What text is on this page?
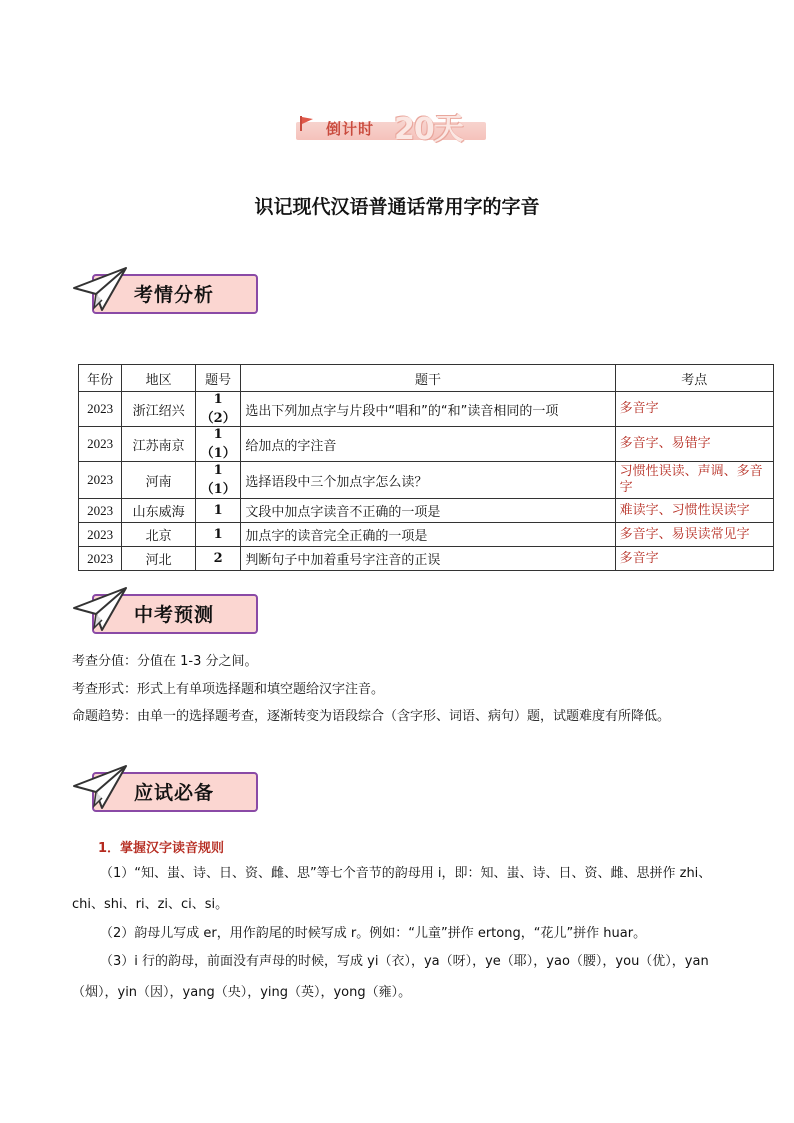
倒计时 20天
识记现代汉语普通话常用字的字音
考情分析
年份	地区	题号	题干	考点
2023	浙江绍兴	1（2）	选出下列加点字与片段中“唱和”的“和”读音相同的一项	多音字
2023	江苏南京	1（1）	给加点的字注音	多音字、易错字
2023	河南	1（1）	选择语段中三个加点字怎么读？	习惯性误读、声调、多音字
2023	山东威海	1	文段中加点字读音不正确的一项是	难读字、习惯性误读字
2023	北京	1	加点字的读音完全正确的一项是	多音字、易误读常见字
2023	河北	2	判断句子中加着重号字注音的正误	多音字
中考预测
考查分值：分值在 1-3 分之间。
考查形式：形式上有单项选择题和填空题给汉字注音。
命题趋势：由单一的选择题考查，逐渐转变为语段综合（含字形、词语、病句）题，试题难度有所降低。
应试必备
1．掌握汉字读音规则
（1）“知、蚩、诗、日、资、雌、思”等七个音节的韵母用 i，即：知、蚩、诗、日、资、雌、思拼作 zhi、chi、shi、ri、zi、ci、si。
（2）韵母儿写成 er，用作韵尾的时候写成 r。例如：“儿童”拼作 ertong，“花儿”拼作 huar。
（3）i 行的韵母，前面没有声母的时候，写成 yi（衣），ya（呀），ye（耶），yao（腰），you（优），yan（烟），yin（因），yang（央），ying（英），yong（雍）。
